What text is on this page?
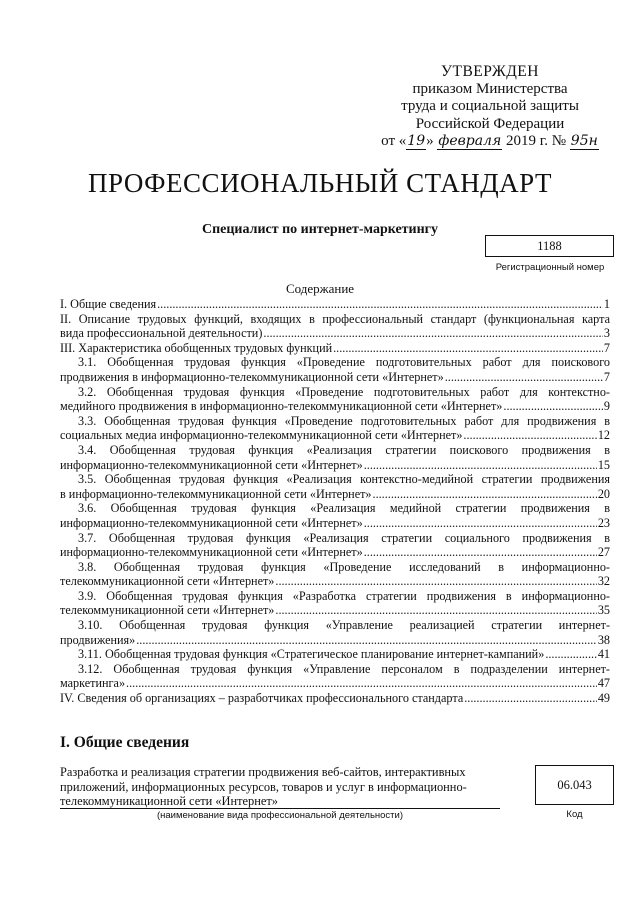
УТВЕРЖДЕН
приказом Министерства
труда и социальной защиты
Российской Федерации
от «19» февраля 2019 г. № 95н
ПРОФЕССИОНАЛЬНЫЙ СТАНДАРТ
Специалист по интернет-маркетингу
1188
Регистрационный номер
Содержание
I. Общие сведения .....	1
II. Описание трудовых функций, входящих в профессиональный стандарт (функциональная карта
вида профессиональной деятельности) .....	3
III. Характеристика обобщенных трудовых функций .....	7
3.1. Обобщенная трудовая функция «Проведение подготовительных работ для поискового
продвижения в информационно-телекоммуникационной сети «Интернет» .....	7
3.2. Обобщенная трудовая функция «Проведение подготовительных работ для контекстно-
медийного продвижения в информационно-телекоммуникационной сети «Интернет» .....	9
3.3. Обобщенная трудовая функция «Проведение подготовительных работ для продвижения в
социальных медиа информационно-телекоммуникационной сети «Интернет» .....	12
3.4. Обобщенная трудовая функция «Реализация стратегии поискового продвижения в
информационно-телекоммуникационной сети «Интернет» .....	15
3.5. Обобщенная трудовая функция «Реализация контекстно-медийной стратегии продвижения
в информационно-телекоммуникационной сети «Интернет» .....	20
3.6. Обобщенная трудовая функция «Реализация медийной стратегии продвижения в
информационно-телекоммуникационной сети «Интернет» .....	23
3.7. Обобщенная трудовая функция «Реализация стратегии социального продвижения в
информационно-телекоммуникационной сети «Интернет» .....	27
3.8. Обобщенная трудовая функция «Проведение исследований в информационно-
телекоммуникационной сети «Интернет» .....	32
3.9. Обобщенная трудовая функция «Разработка стратегии продвижения в информационно-
телекоммуникационной сети «Интернет» .....	35
3.10. Обобщенная трудовая функция «Управление реализацией стратегии интернет-
продвижения» .....	38
3.11. Обобщенная трудовая функция «Стратегическое планирование интернет-кампаний» .....	41
3.12. Обобщенная трудовая функция «Управление персоналом в подразделении интернет-
маркетинга» .....	47
IV. Сведения об организациях – разработчиках профессионального стандарта .....	49
I. Общие сведения
Разработка и реализация стратегии продвижения веб-сайтов, интерактивных
приложений, информационных ресурсов, товаров и услуг в информационно-
телекоммуникационной сети «Интернет»
(наименование вида профессиональной деятельности)
06.043
Код
